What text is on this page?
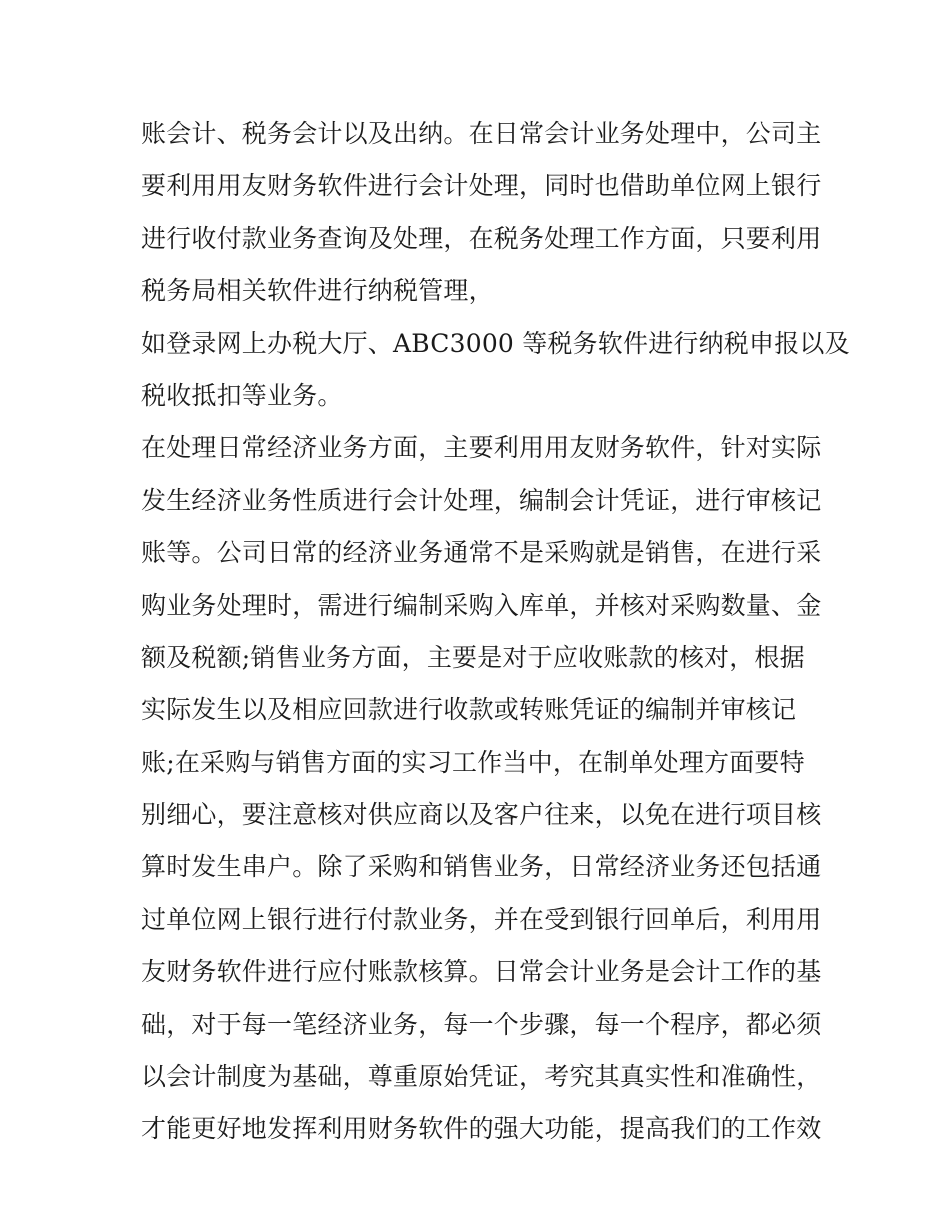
账会计、税务会计以及出纳。在日常会计业务处理中，公司主
要利用用友财务软件进行会计处理，同时也借助单位网上银行
进行收付款业务查询及处理，在税务处理工作方面，只要利用
税务局相关软件进行纳税管理，
如登录网上办税大厅、ABC3000 等税务软件进行纳税申报以及
税收抵扣等业务。
在处理日常经济业务方面，主要利用用友财务软件，针对实际
发生经济业务性质进行会计处理，编制会计凭证，进行审核记
账等。公司日常的经济业务通常不是采购就是销售，在进行采
购业务处理时，需进行编制采购入库单，并核对采购数量、金
额及税额;销售业务方面，主要是对于应收账款的核对，根据
实际发生以及相应回款进行收款或转账凭证的编制并审核记
账;在采购与销售方面的实习工作当中，在制单处理方面要特
别细心，要注意核对供应商以及客户往来，以免在进行项目核
算时发生串户。除了采购和销售业务，日常经济业务还包括通
过单位网上银行进行付款业务，并在受到银行回单后，利用用
友财务软件进行应付账款核算。日常会计业务是会计工作的基
础，对于每一笔经济业务，每一个步骤，每一个程序，都必须
以会计制度为基础，尊重原始凭证，考究其真实性和准确性，
才能更好地发挥利用财务软件的强大功能，提高我们的工作效
